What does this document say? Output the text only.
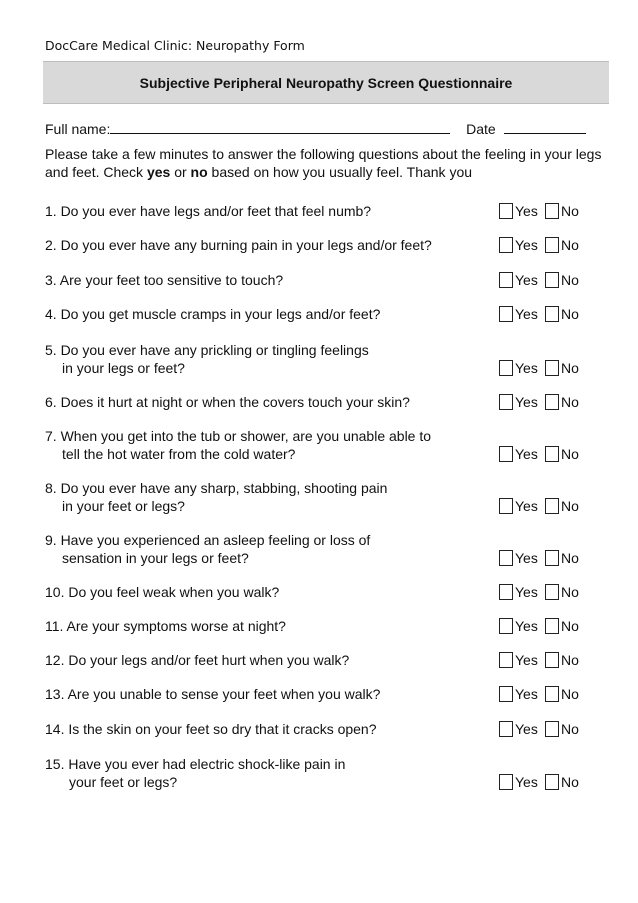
DocCare Medical Clinic: Neuropathy Form
Subjective Peripheral Neuropathy Screen Questionnaire
Full name:	Date
Please take a few minutes to answer the following questions about the feeling in your legs and feet. Check yes or no based on how you usually feel. Thank you
1. Do you ever have legs and/or feet that feel numb?	Yes	No
2. Do you ever have any burning pain in your legs and/or feet?	Yes	No
3. Are your feet too sensitive to touch?	Yes	No
4. Do you get muscle cramps in your legs and/or feet?	Yes	No
5. Do you ever have any prickling or tingling feelings
in your legs or feet?	Yes	No
6. Does it hurt at night or when the covers touch your skin?	Yes	No
7. When you get into the tub or shower, are you unable able to
tell the hot water from the cold water?	Yes	No
8. Do you ever have any sharp, stabbing, shooting pain
in your feet or legs?	Yes	No
9. Have you experienced an asleep feeling or loss of
sensation in your legs or feet?	Yes	No
10. Do you feel weak when you walk?	Yes	No
11. Are your symptoms worse at night?	Yes	No
12. Do your legs and/or feet hurt when you walk?	Yes	No
13. Are you unable to sense your feet when you walk?	Yes	No
14. Is the skin on your feet so dry that it cracks open?	Yes	No
15. Have you ever had electric shock-like pain in
your feet or legs?	Yes	No
